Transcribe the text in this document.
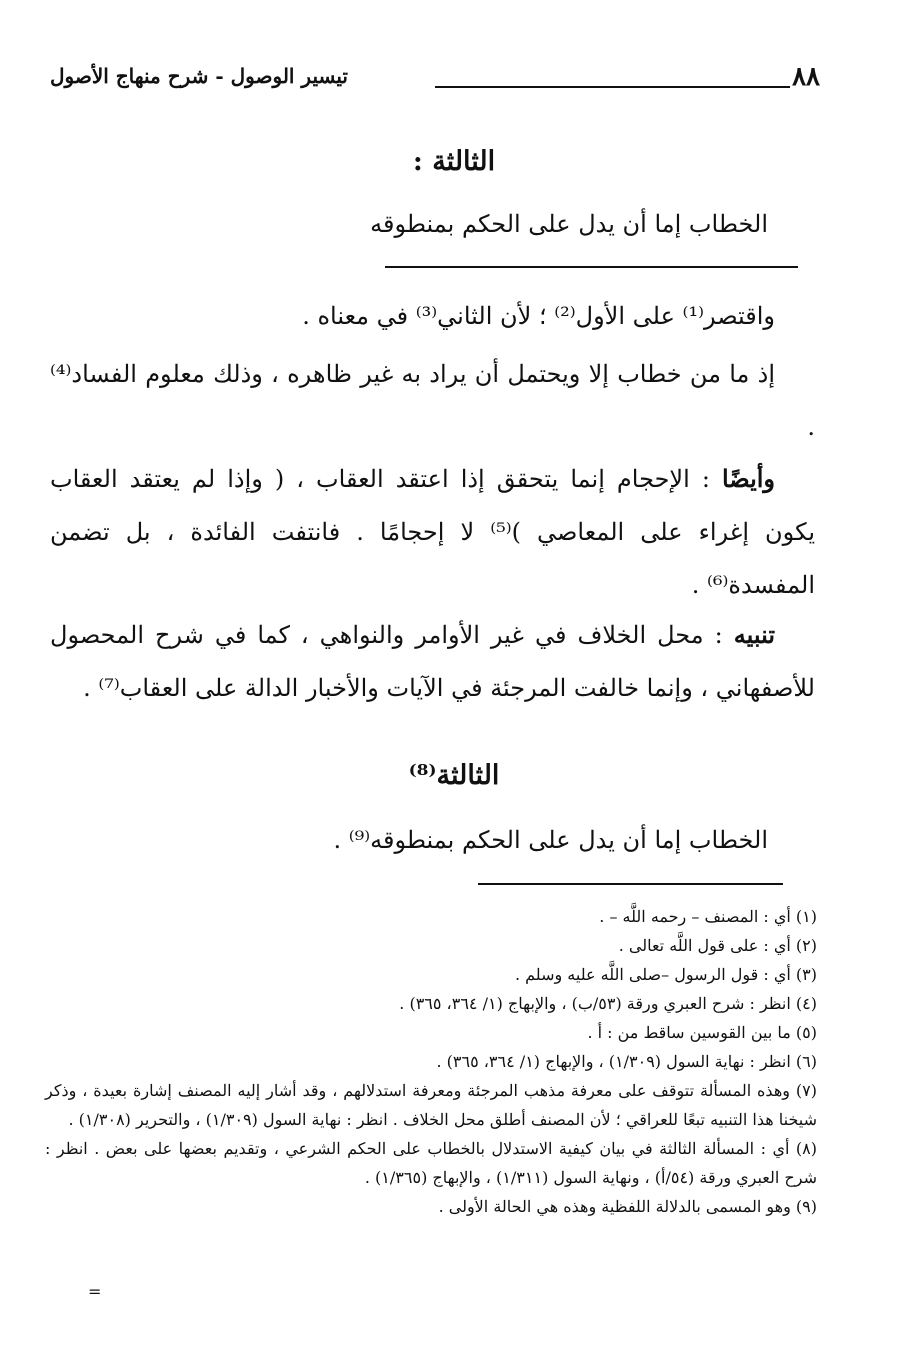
٨٨
تيسير الوصول - شرح منهاج الأصول
الثالثة :
الخطاب إما أن يدل على الحكم بمنطوقه
واقتصر⁽¹⁾ على الأول⁽²⁾ ؛ لأن الثاني⁽³⁾ في معناه .
إذ ما من خطاب إلا ويحتمل أن يراد به غير ظاهره ، وذلك معلوم الفساد⁽⁴⁾ .
وأيضًا : الإحجام إنما يتحقق إذا اعتقد العقاب ، ( وإذا لم يعتقد العقاب يكون إغراء على المعاصي )⁽⁵⁾ لا إحجامًا . فانتفت الفائدة ، بل تضمن المفسدة⁽⁶⁾ .
تنبيه : محل الخلاف في غير الأوامر والنواهي ، كما في شرح المحصول للأصفهاني ، وإنما خالفت المرجئة في الآيات والأخبار الدالة على العقاب⁽⁷⁾ .
الثالثة⁽⁸⁾
الخطاب إما أن يدل على الحكم بمنطوقه⁽⁹⁾ .
(١) أي : المصنف – رحمه اللَّه – .
(٢) أي : على قول اللَّه تعالى .
(٣) أي : قول الرسول –صلى اللَّه عليه وسلم .
(٤) انظر : شرح العبري ورقة (٥٣/ب) ، والإبهاج (١/ ٣٦٤، ٣٦٥) .
(٥) ما بين القوسين ساقط من : أ .
(٦) انظر : نهاية السول (١/٣٠٩) ، والإبهاج (١/ ٣٦٤، ٣٦٥) .
(٧) وهذه المسألة تتوقف على معرفة مذهب المرجئة ومعرفة استدلالهم ، وقد أشار إليه المصنف إشارة بعيدة ، وذكر شيخنا هذا التنبيه تبعًا للعراقي ؛ لأن المصنف أطلق محل الخلاف . انظر : نهاية السول (١/٣٠٩) ، والتحرير (١/٣٠٨) .
(٨) أي : المسألة الثالثة في بيان كيفية الاستدلال بالخطاب على الحكم الشرعي ، وتقديم بعضها على بعض . انظر : شرح العبري ورقة (٥٤/أ) ، ونهاية السول (١/٣١١) ، والإبهاج (١/٣٦٥) .
(٩) وهو المسمى بالدلالة اللفظية وهذه هي الحالة الأولى .
=
